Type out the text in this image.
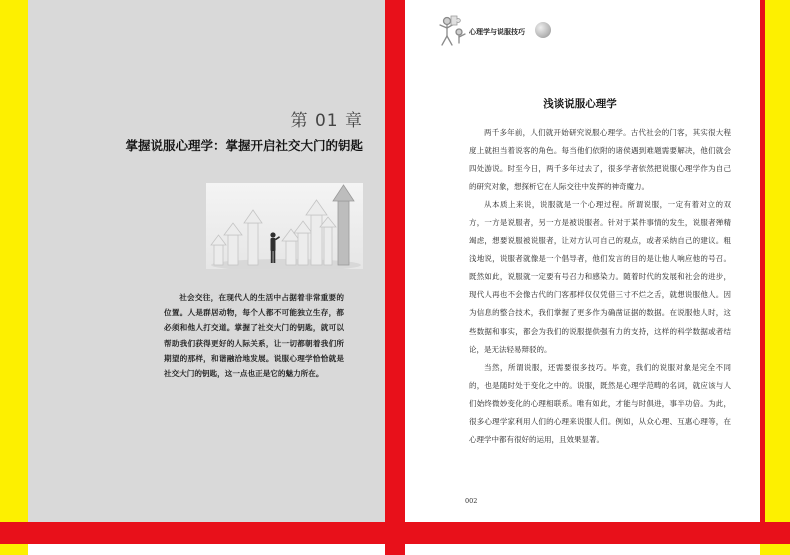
第 01 章
掌握说服心理学：掌握开启社交大门的钥匙
社会交往，在现代人的生活中占据着非常重要的位置。人是群居动物，每个人都不可能独立生存，都必须和他人打交道。掌握了社交大门的钥匙，就可以帮助我们获得更好的人际关系，让一切都朝着我们所期望的那样，和谐融洽地发展。说服心理学恰恰就是社交大门的钥匙，这一点也正是它的魅力所在。
心理学与说服技巧
浅谈说服心理学

两千多年前，人们就开始研究说服心理学。古代社会的门客，其实很大程度上就担当着说客的角色。每当他们依附的诸侯遇到难题需要解决，他们就会四处游说。时至今日，两千多年过去了，很多学者依然把说服心理学作为自己的研究对象，想探析它在人际交往中发挥的神奇魔力。

从本质上来说，说服就是一个心理过程。所谓说服，一定有着对立的双方，一方是说服者，另一方是被说服者。针对于某件事情的发生，说服者殚精竭虑，想要说服被说服者，让对方认可自己的观点，或者采纳自己的建议。粗浅地说，说服者就像是一个倡导者，他们发言的目的是让他人响应他的号召。既然如此，说服就一定要有号召力和感染力。随着时代的发展和社会的进步，现代人再也不会像古代的门客那样仅仅凭借三寸不烂之舌，就想说服他人。因为信息的整合技术，我们掌握了更多作为确凿证据的数据。在说服他人时，这些数据和事实，都会为我们的说服提供强有力的支持，这样的科学数据或者结论，是无法轻易辩驳的。

当然，所谓说服，还需要很多技巧。毕竟，我们的说服对象是完全不同的，也是随时处于变化之中的。说服，既然是心理学范畴的名词，就应该与人们始终微妙变化的心理相联系。唯有如此，才能与时俱进，事半功倍。为此，很多心理学家利用人们的心理来说服人们。例如，从众心理、互惠心理等，在心理学中都有很好的运用，且效果显著。

002
